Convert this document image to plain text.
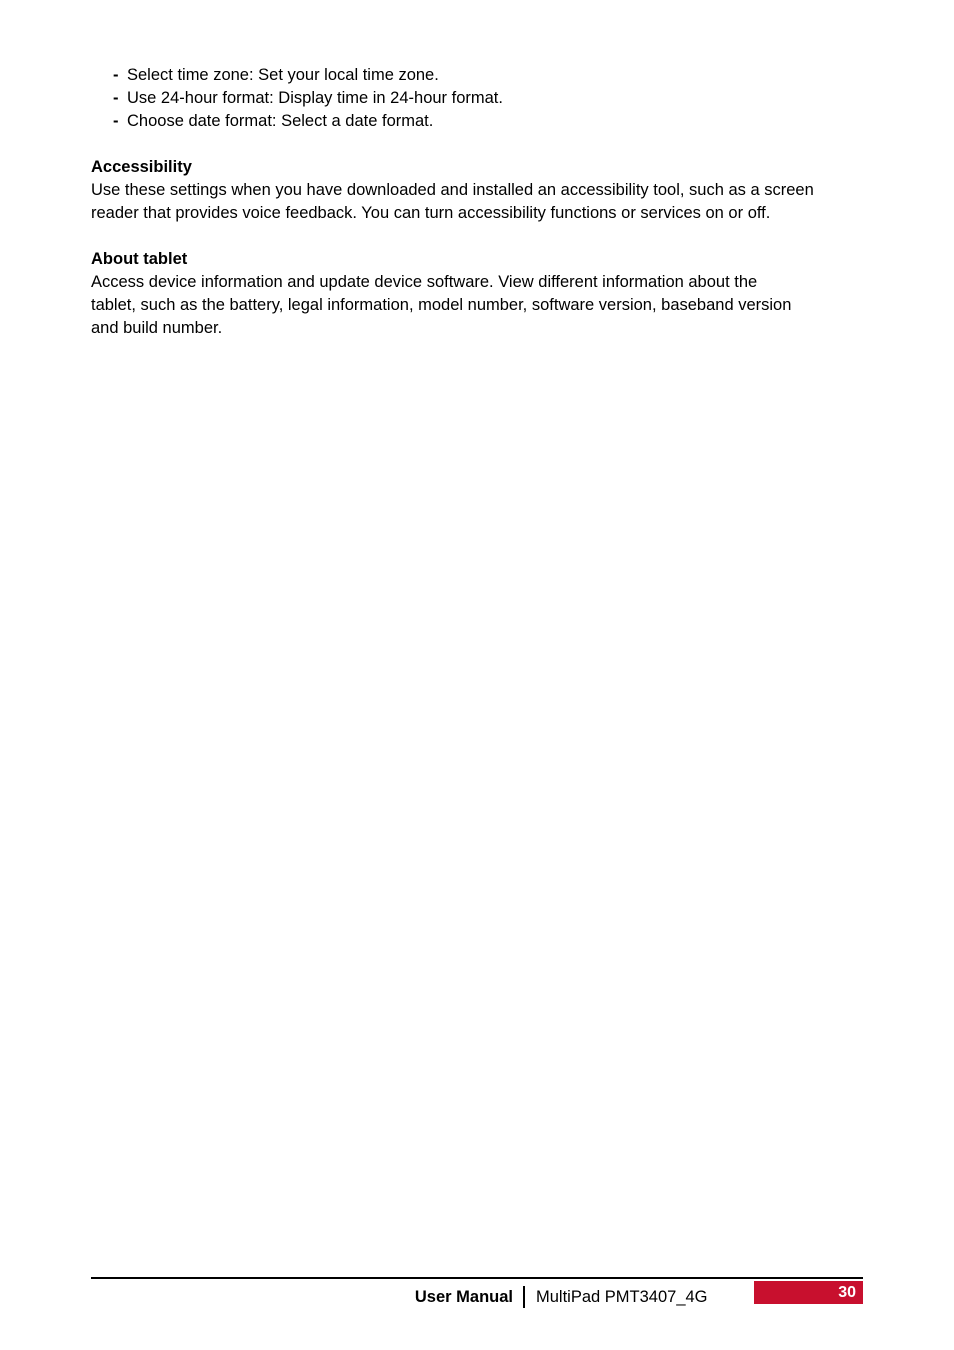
- Select time zone: Set your local time zone.
- Use 24-hour format: Display time in 24-hour format.
- Choose date format: Select a date format.
Accessibility

Use these settings when you have downloaded and installed an accessibility tool, such as a screen
reader that provides voice feedback. You can turn accessibility functions or services on or off.

About tablet

Access device information and update device software. View different information about the
tablet, such as the battery, legal information, model number, software version, baseband version
and build number.

User Manual MultiPad PMT3407_4G	30
